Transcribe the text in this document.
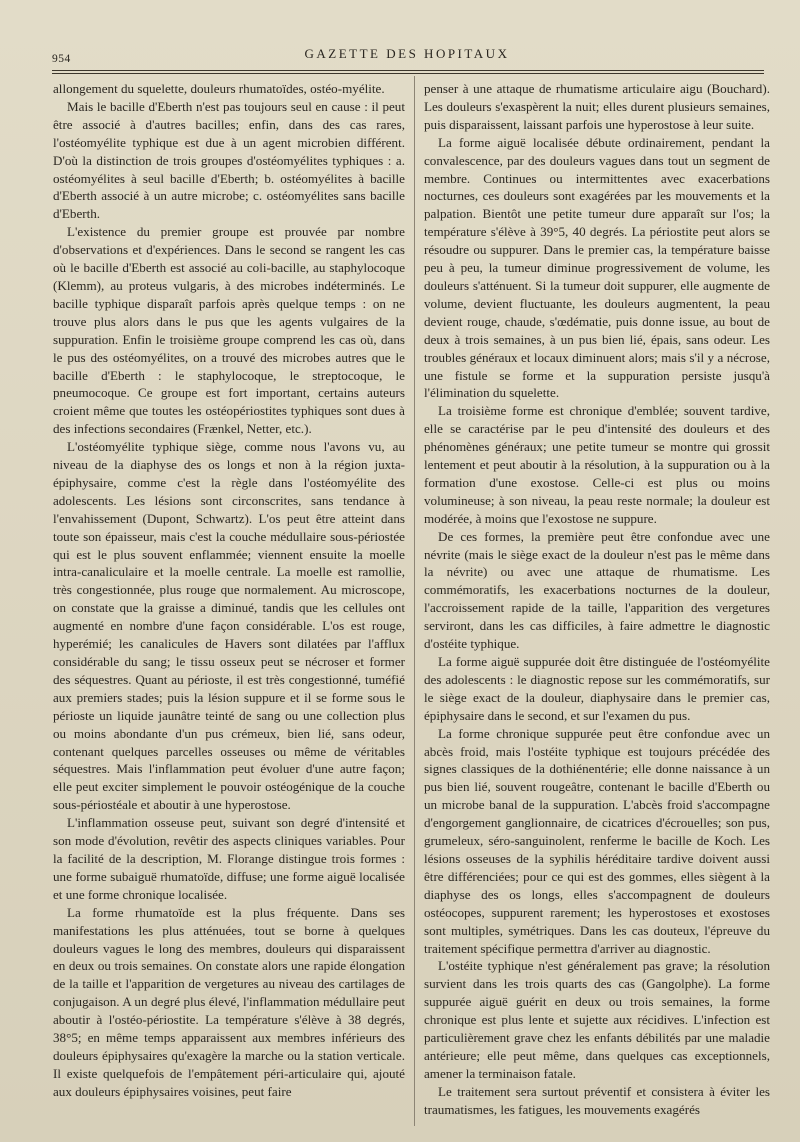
954	GAZETTE DES HOPITAUX

allongement du squelette, douleurs rhumatoïdes, ostéo-myélite.

Mais le bacille d'Eberth n'est pas toujours seul en cause : il peut être associé à d'autres bacilles; enfin, dans des cas rares, l'ostéomyélite typhique est due à un agent microbien différent. D'où la distinction de trois groupes d'ostéomyélites typhiques : a. ostéomyélites à seul bacille d'Eberth; b. ostéomyélites à bacille d'Eberth associé à un autre microbe; c. ostéomyélites sans bacille d'Eberth.

L'existence du premier groupe est prouvée par nombre d'observations et d'expériences. Dans le second se rangent les cas où le bacille d'Eberth est associé au coli-bacille, au staphylocoque (Klemm), au proteus vulgaris, à des microbes indéterminés. Le bacille typhique disparaît parfois après quelque temps : on ne trouve plus alors dans le pus que les agents vulgaires de la suppuration. Enfin le troisième groupe comprend les cas où, dans le pus des ostéomyélites, on a trouvé des microbes autres que le bacille d'Eberth : le staphylocoque, le streptocoque, le pneumocoque. Ce groupe est fort important, certains auteurs croient même que toutes les ostéopériostites typhiques sont dues à des infections secondaires (Frænkel, Netter, etc.).

L'ostéomyélite typhique siège, comme nous l'avons vu, au niveau de la diaphyse des os longs et non à la région juxta-épiphysaire, comme c'est la règle dans l'ostéomyélite des adolescents. Les lésions sont circonscrites, sans tendance à l'envahissement (Dupont, Schwartz). L'os peut être atteint dans toute son épaisseur, mais c'est la couche médullaire sous-périostée qui est le plus souvent enflammée; viennent ensuite la moelle intra-canaliculaire et la moelle centrale. La moelle est ramollie, très congestionnée, plus rouge que normalement. Au microscope, on constate que la graisse a diminué, tandis que les cellules ont augmenté en nombre d'une façon considérable. L'os est rouge, hyperémié; les canalicules de Havers sont dilatées par l'afflux considérable du sang; le tissu osseux peut se nécroser et former des séquestres. Quant au périoste, il est très congestionné, tuméfié aux premiers stades; puis la lésion suppure et il se forme sous le périoste un liquide jaunâtre teinté de sang ou une collection plus ou moins abondante d'un pus crémeux, bien lié, sans odeur, contenant quelques parcelles osseuses ou même de véritables séquestres. Mais l'inflammation peut évoluer d'une autre façon; elle peut exciter simplement le pouvoir ostéogénique de la couche sous-périostéale et aboutir à une hyperostose.

L'inflammation osseuse peut, suivant son degré d'intensité et son mode d'évolution, revêtir des aspects cliniques variables. Pour la facilité de la description, M. Florange distingue trois formes : une forme subaiguë rhumatoïde, diffuse; une forme aiguë localisée et une forme chronique localisée.

La forme rhumatoïde est la plus fréquente. Dans ses manifestations les plus atténuées, tout se borne à quelques douleurs vagues le long des membres, douleurs qui disparaissent en deux ou trois semaines. On constate alors une rapide élongation de la taille et l'apparition de vergetures au niveau des cartilages de conjugaison. A un degré plus élevé, l'inflammation médullaire peut aboutir à l'ostéo-périostite. La température s'élève à 38 degrés, 38°5; en même temps apparaissent aux membres inférieurs des douleurs épiphysaires qu'exagère la marche ou la station verticale. Il existe quelquefois de l'empâtement péri-articulaire qui, ajouté aux douleurs épiphysaires voisines, peut faire

penser à une attaque de rhumatisme articulaire aigu (Bouchard). Les douleurs s'exaspèrent la nuit; elles durent plusieurs semaines, puis disparaissent, laissant parfois une hyperostose à leur suite.

La forme aiguë localisée débute ordinairement, pendant la convalescence, par des douleurs vagues dans tout un segment de membre. Continues ou intermittentes avec exacerbations nocturnes, ces douleurs sont exagérées par les mouvements et la palpation. Bientôt une petite tumeur dure apparaît sur l'os; la température s'élève à 39°5, 40 degrés. La périostite peut alors se résoudre ou suppurer. Dans le premier cas, la température baisse peu à peu, la tumeur diminue progressivement de volume, les douleurs s'atténuent. Si la tumeur doit suppurer, elle augmente de volume, devient fluctuante, les douleurs augmentent, la peau devient rouge, chaude, s'œdématie, puis donne issue, au bout de deux à trois semaines, à un pus bien lié, épais, sans odeur. Les troubles généraux et locaux diminuent alors; mais s'il y a nécrose, une fistule se forme et la suppuration persiste jusqu'à l'élimination du squelette.

La troisième forme est chronique d'emblée; souvent tardive, elle se caractérise par le peu d'intensité des douleurs et des phénomènes généraux; une petite tumeur se montre qui grossit lentement et peut aboutir à la résolution, à la suppuration ou à la formation d'une exostose. Celle-ci est plus ou moins volumineuse; à son niveau, la peau reste normale; la douleur est modérée, à moins que l'exostose ne suppure.

De ces formes, la première peut être confondue avec une névrite (mais le siège exact de la douleur n'est pas le même dans la névrite) ou avec une attaque de rhumatisme. Les commémoratifs, les exacerbations nocturnes de la douleur, l'accroissement rapide de la taille, l'apparition des vergetures serviront, dans les cas difficiles, à faire admettre le diagnostic d'ostéite typhique.

La forme aiguë suppurée doit être distinguée de l'ostéomyélite des adolescents : le diagnostic repose sur les commémoratifs, sur le siège exact de la douleur, diaphysaire dans le premier cas, épiphysaire dans le second, et sur l'examen du pus.

La forme chronique suppurée peut être confondue avec un abcès froid, mais l'ostéite typhique est toujours précédée des signes classiques de la dothiénentérie; elle donne naissance à un pus bien lié, souvent rougeâtre, contenant le bacille d'Eberth ou un microbe banal de la suppuration. L'abcès froid s'accompagne d'engorgement ganglionnaire, de cicatrices d'écrouelles; son pus, grumeleux, séro-sanguinolent, renferme le bacille de Koch. Les lésions osseuses de la syphilis héréditaire tardive doivent aussi être différenciées; pour ce qui est des gommes, elles siègent à la diaphyse des os longs, elles s'accompagnent de douleurs ostéocopes, suppurent rarement; les hyperostoses et exostoses sont multiples, symétriques. Dans les cas douteux, l'épreuve du traitement spécifique permettra d'arriver au diagnostic.

L'ostéite typhique n'est généralement pas grave; la résolution survient dans les trois quarts des cas (Gangolphe). La forme suppurée aiguë guérit en deux ou trois semaines, la forme chronique est plus lente et sujette aux récidives. L'infection est particulièrement grave chez les enfants débilités par une maladie antérieure; elle peut même, dans quelques cas exceptionnels, amener la terminaison fatale.

Le traitement sera surtout préventif et consistera à éviter les traumatismes, les fatigues, les mouvements exagérés
